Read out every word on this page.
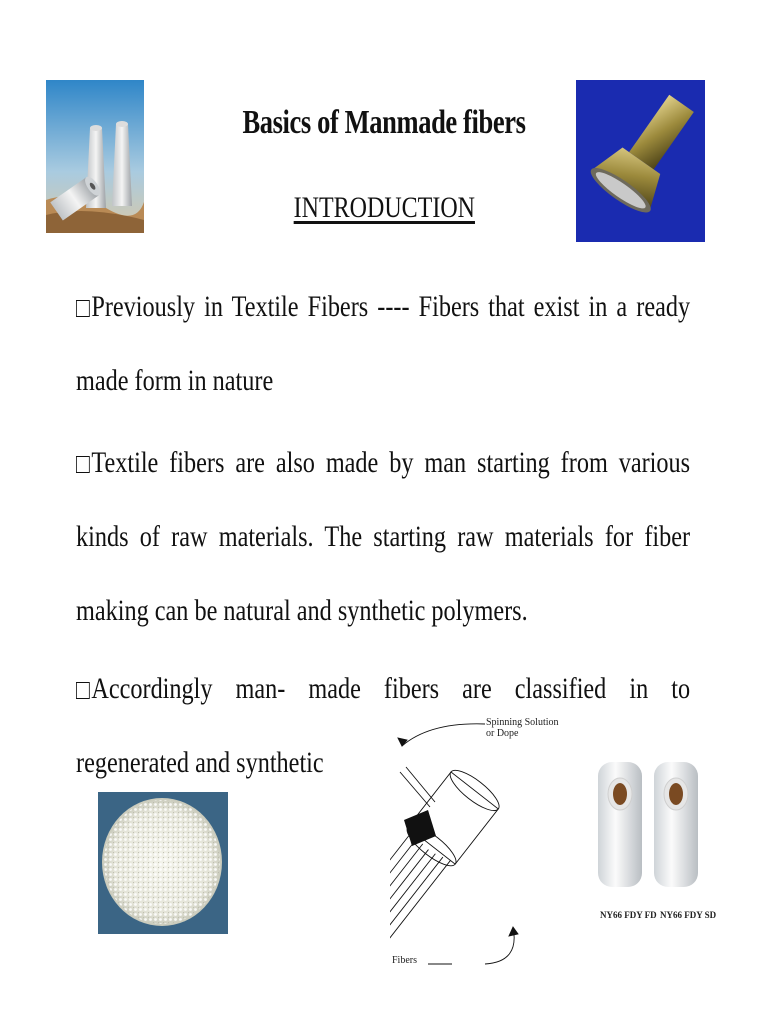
Basics of Manmade fibers
INTRODUCTION
Previously in Textile Fibers ---- Fibers that exist in a ready made form in nature
Textile fibers are also made by man starting from various kinds of raw materials. The starting raw materials for fiber making can be natural and synthetic polymers.
Accordingly man- made fibers are classified in to regenerated and synthetic
Spinning Solution
or Dope
Fibers
NY66 FDY FD NY66 FDY SD
